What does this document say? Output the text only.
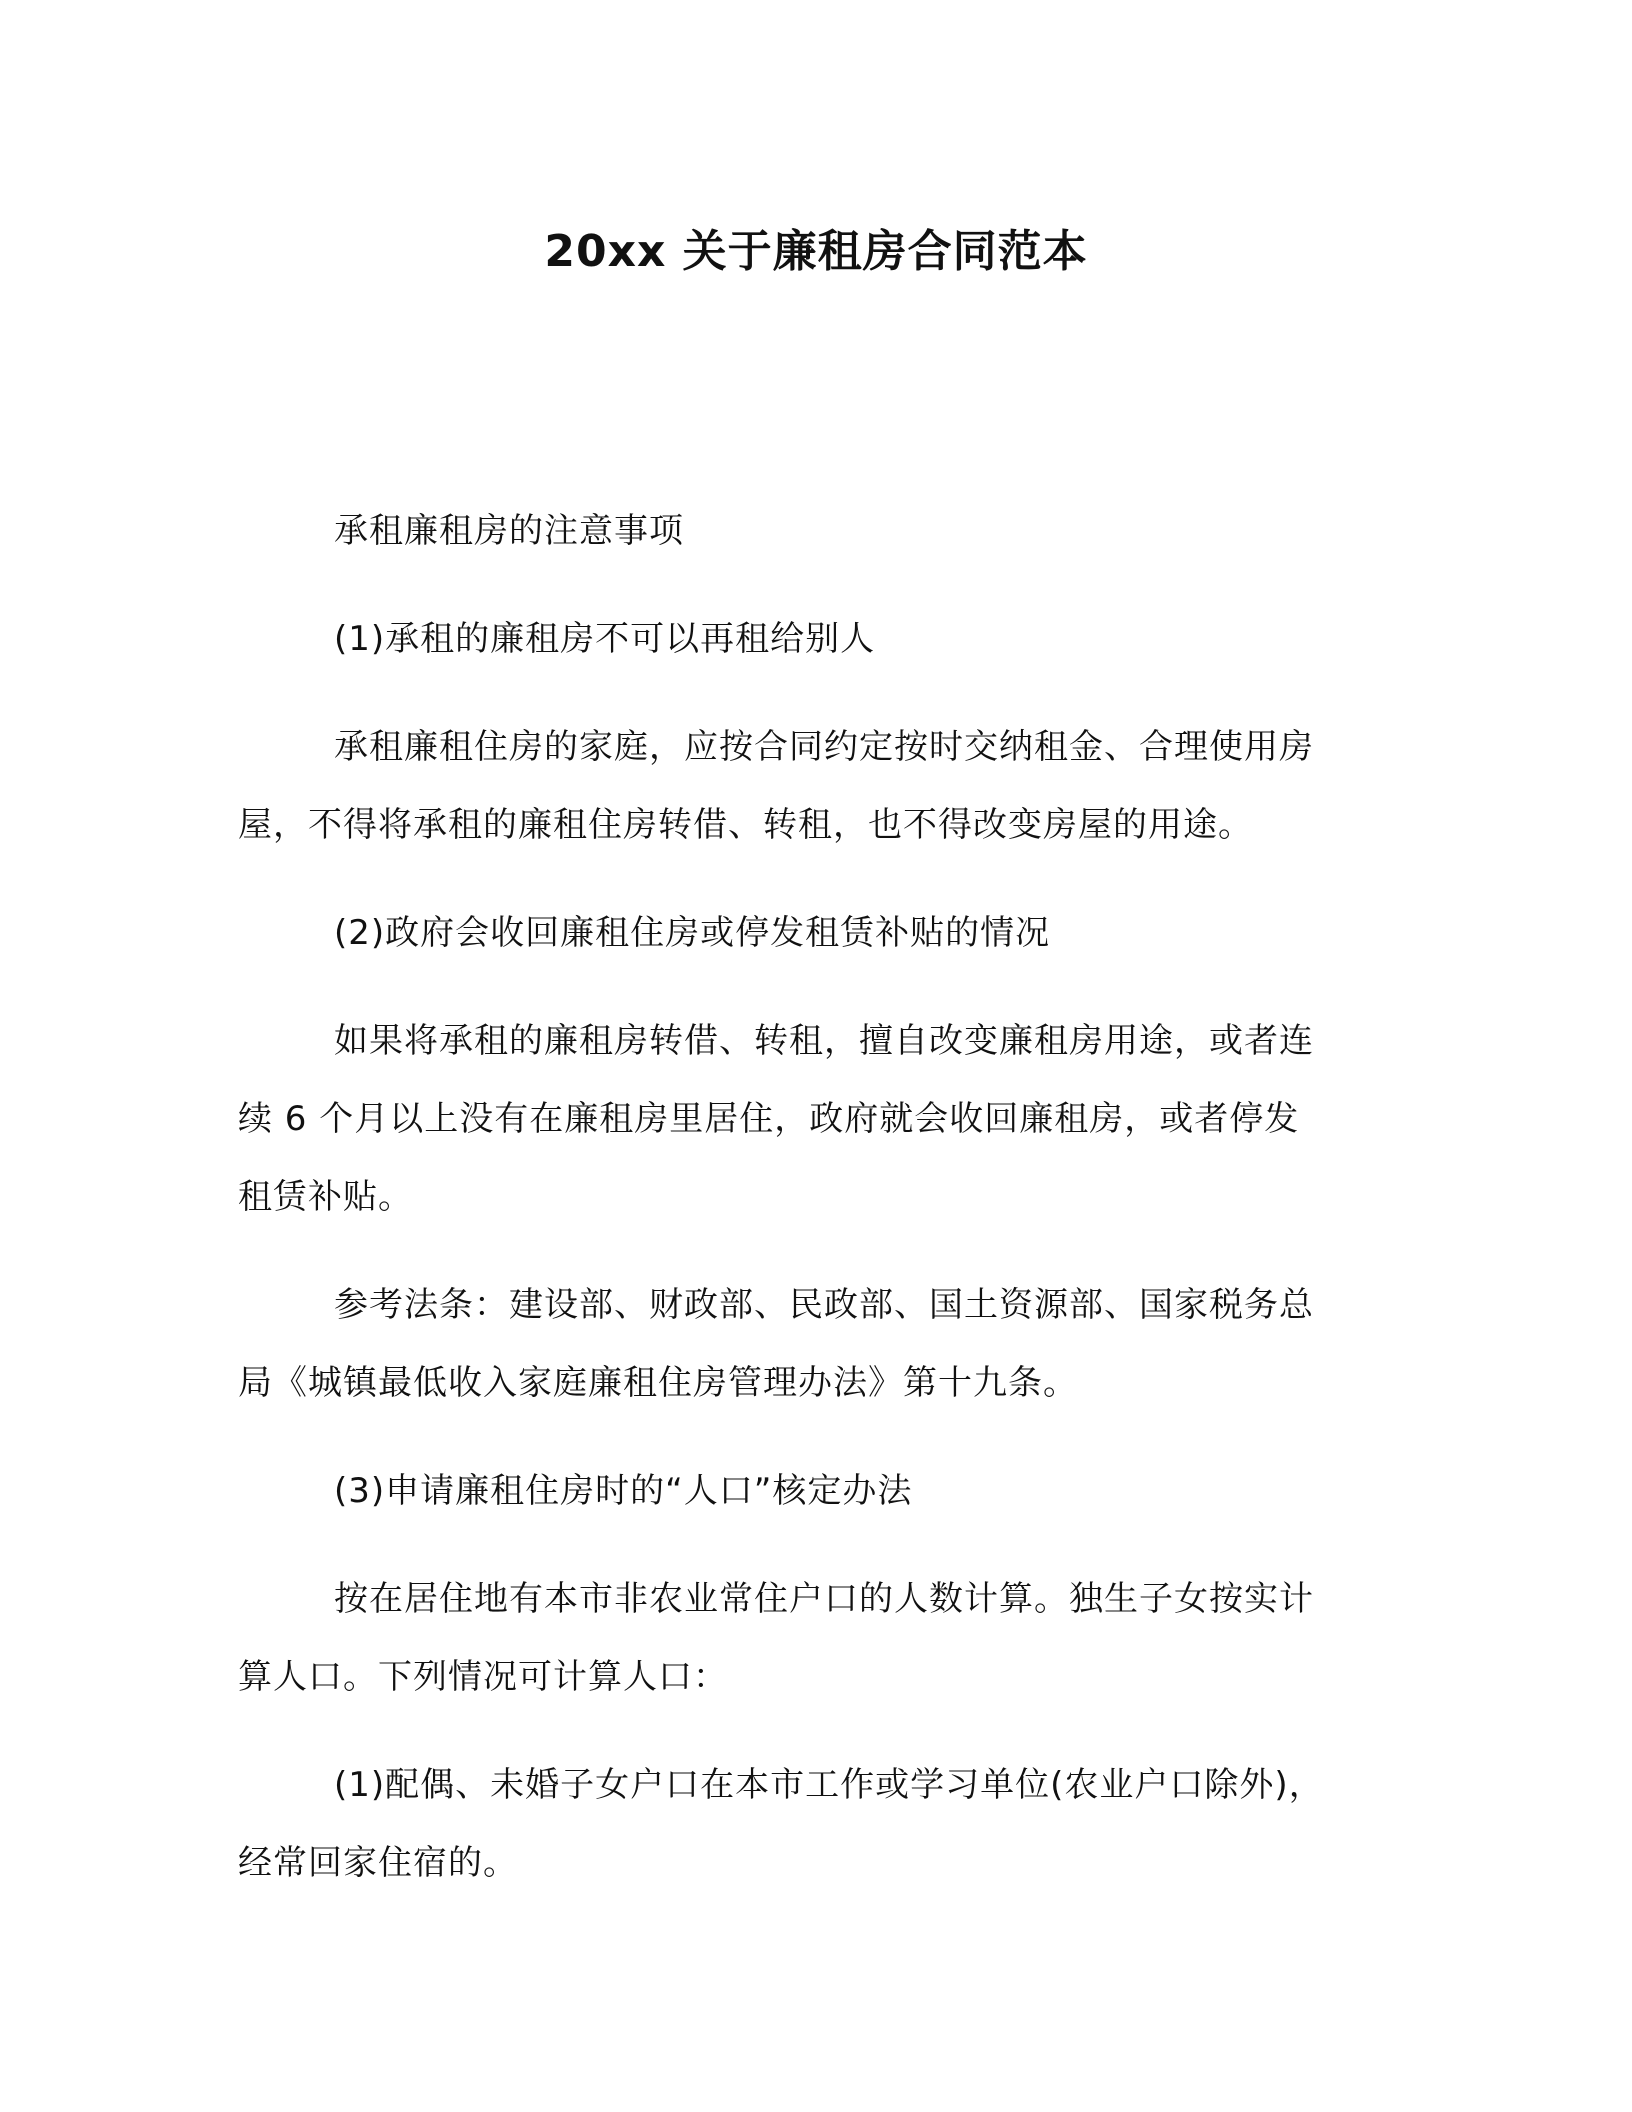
20xx 关于廉租房合同范本

承租廉租房的注意事项

(1)承租的廉租房不可以再租给别人

承租廉租住房的家庭，应按合同约定按时交纳租金、合理使用房
屋，不得将承租的廉租住房转借、转租，也不得改变房屋的用途。

(2)政府会收回廉租住房或停发租赁补贴的情况

如果将承租的廉租房转借、转租，擅自改变廉租房用途，或者连
续 6 个月以上没有在廉租房里居住，政府就会收回廉租房，或者停发
租赁补贴。

参考法条：建设部、财政部、民政部、国土资源部、国家税务总
局《城镇最低收入家庭廉租住房管理办法》第十九条。

(3)申请廉租住房时的“人口”核定办法

按在居住地有本市非农业常住户口的人数计算。独生子女按实计
算人口。下列情况可计算人口：

(1)配偶、未婚子女户口在本市工作或学习单位(农业户口除外)，
经常回家住宿的。
